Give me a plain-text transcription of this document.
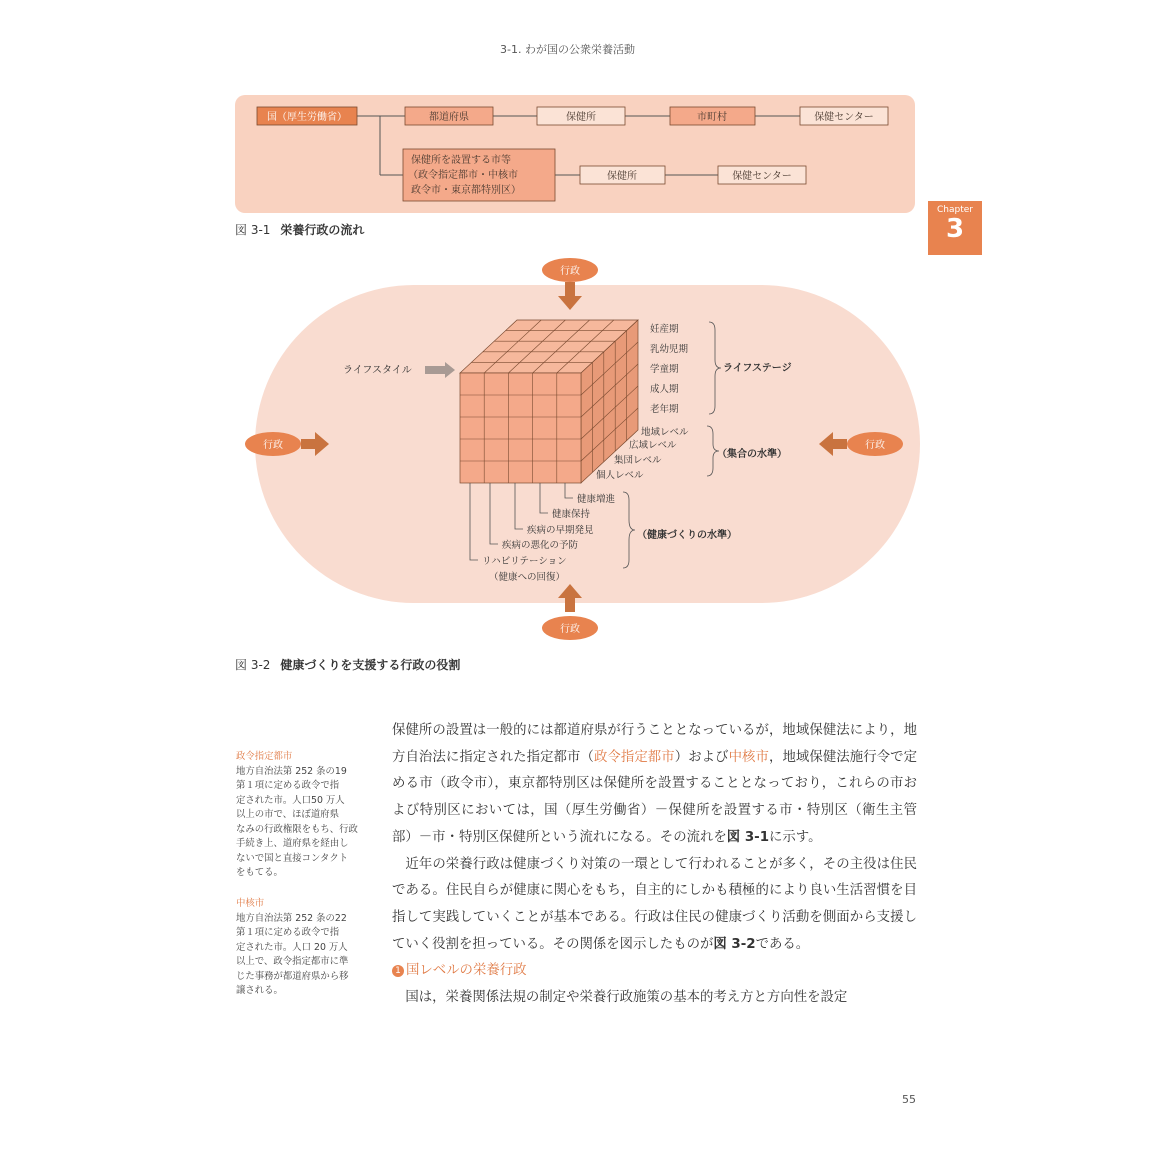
3-1. わが国の公衆栄養活動
国（厚生労働省）	都道府県	保健所	市町村	保健センター
保健所を設置する市等
（政令指定都市・中核市
政令市・東京都特別区）
保健所	保健センター
図 3-1 栄養行政の流れ
Chapter
3
行政
行政	行政
行政
ライフスタイル
妊産期
乳幼児期
学童期
成人期
老年期
ライフステージ
地域レベル
広域レベル
集団レベル
個人レベル
（集合の水準）
健康増進
健康保持
疾病の早期発見
疾病の悪化の予防
リハビリテーション
（健康への回復）
（健康づくりの水準）
図 3-2 健康づくりを支援する行政の役割
政令指定都市
地方自治法第 252 条の19
第１項に定める政令で指
定された市。人口50 万人
以上の市で、ほぼ道府県
なみの行政権限をもち、行政
手続き上、道府県を経由し
ないで国と直接コンタクト
をもてる。
中核市
地方自治法第 252 条の22
第１項に定める政令で指
定された市。人口 20 万人
以上で、政令指定都市に準
じた事務が都道府県から移
譲される。

保健所の設置は一般的には都道府県が行うこととなっているが，地域保健法により，地方自治法に指定された指定都市（政令指定都市）および中核市，地域保健法施行令で定める市（政令市），東京都特別区は保健所を設置することとなっており，これらの市および特別区においては，国（厚生労働省）－保健所を設置する市・特別区（衛生主管部）－市・特別区保健所という流れになる。その流れを図 3-1に示す。

近年の栄養行政は健康づくり対策の一環として行われることが多く，その主役は住民である。住民自らが健康に関心をもち，自主的にしかも積極的により良い生活習慣を目指して実践していくことが基本である。行政は住民の健康づくり活動を側面から支援していく役割を担っている。その関係を図示したものが図 3-2である。

1 国レベルの栄養行政

国は，栄養関係法規の制定や栄養行政施策の基本的考え方と方向性を設定

55
